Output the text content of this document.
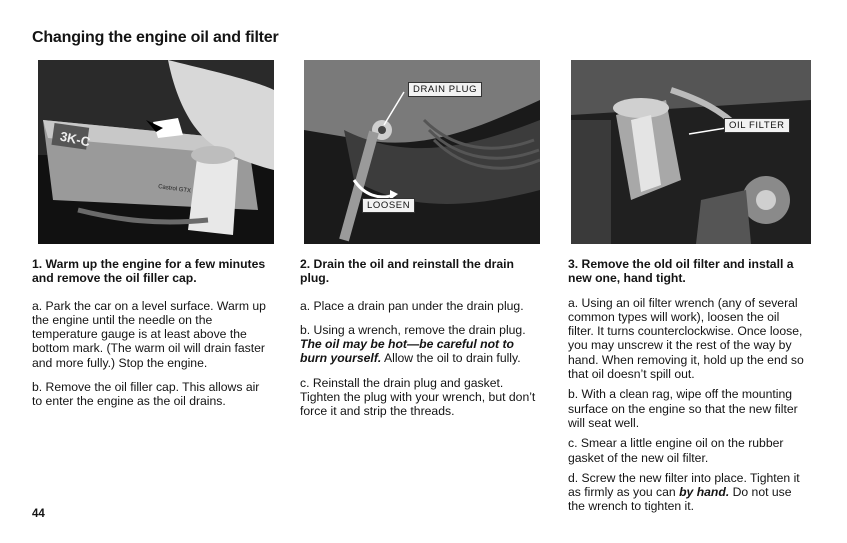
Changing the engine oil and filter
3K-C
Castrol GTX
DRAIN PLUG
LOOSEN
OIL FILTER

1. Warm up the engine for a few minutes and remove the oil filler cap.

a. Park the car on a level surface. Warm up the engine until the needle on the temperature gauge is at least above the bottom mark. (The warm oil will drain faster and more fully.) Stop the engine.

b. Remove the oil filler cap. This allows air to enter the engine as the oil drains.

2. Drain the oil and reinstall the drain plug.

a. Place a drain pan under the drain plug.

b. Using a wrench, remove the drain plug. The oil may be hot—be careful not to burn yourself. Allow the oil to drain fully.

c. Reinstall the drain plug and gasket. Tighten the plug with your wrench, but don’t force it and strip the threads.

3. Remove the old oil filter and install a new one, hand tight.

a. Using an oil filter wrench (any of several common types will work), loosen the oil filter. It turns counterclockwise. Once loose, you may unscrew it the rest of the way by hand. When removing it, hold up the end so that oil doesn’t spill out.

b. With a clean rag, wipe off the mounting surface on the engine so that the new filter will seat well.

c. Smear a little engine oil on the rubber gasket of the new oil filter.

d. Screw the new filter into place. Tighten it as firmly as you can by hand. Do not use the wrench to tighten it.

44
